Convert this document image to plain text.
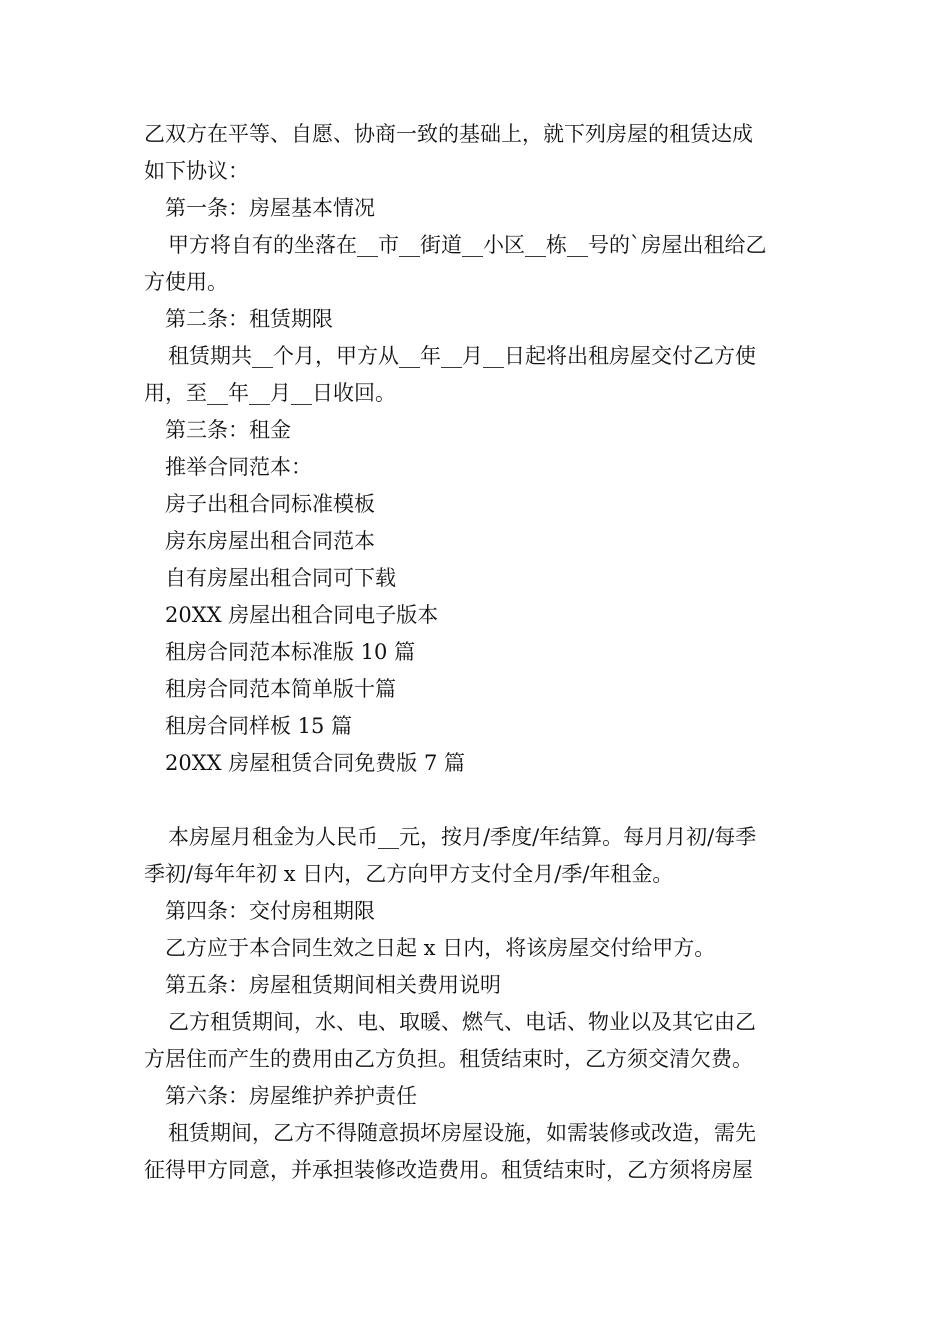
乙双方在平等、自愿、协商一致的基础上，就下列房屋的租赁达成
如下协议：
第一条：房屋基本情况
甲方将自有的坐落在__市__街道__小区__栋__号的`房屋出租给乙
方使用。
第二条：租赁期限
租赁期共__个月，甲方从__年__月__日起将出租房屋交付乙方使
用，至__年__月__日收回。
第三条：租金
推举合同范本：
房子出租合同标准模板
房东房屋出租合同范本
自有房屋出租合同可下载
20XX 房屋出租合同电子版本
租房合同范本标准版 10 篇
租房合同范本简单版十篇
租房合同样板 15 篇
20XX 房屋租赁合同免费版 7 篇
本房屋月租金为人民币__元，按月/季度/年结算。每月月初/每季
季初/每年年初 x 日内，乙方向甲方支付全月/季/年租金。
第四条：交付房租期限
乙方应于本合同生效之日起 x 日内，将该房屋交付给甲方。
第五条：房屋租赁期间相关费用说明
乙方租赁期间，水、电、取暖、燃气、电话、物业以及其它由乙
方居住而产生的费用由乙方负担。租赁结束时，乙方须交清欠费。
第六条：房屋维护养护责任
租赁期间，乙方不得随意损坏房屋设施，如需装修或改造，需先
征得甲方同意，并承担装修改造费用。租赁结束时，乙方须将房屋
